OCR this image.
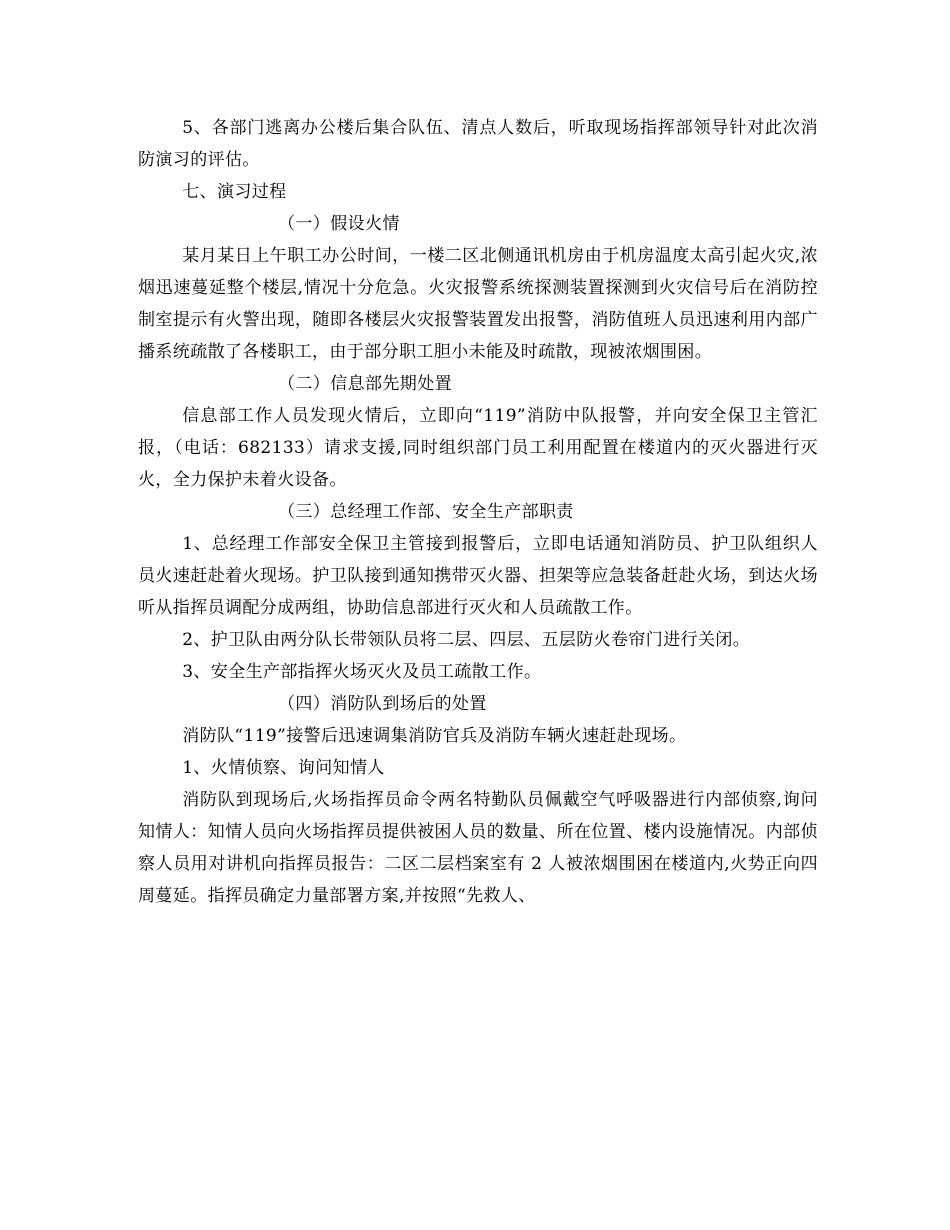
5、各部门逃离办公楼后集合队伍、清点人数后，听取现场指挥部领导针对此次消防演习的评估。

七、演习过程

（一）假设火情

某月某日上午职工办公时间，一楼二区北侧通讯机房由于机房温度太高引起火灾,浓烟迅速蔓延整个楼层,情况十分危急。火灾报警系统探测装置探测到火灾信号后在消防控制室提示有火警出现，随即各楼层火灾报警装置发出报警，消防值班人员迅速利用内部广播系统疏散了各楼职工，由于部分职工胆小未能及时疏散，现被浓烟围困。

（二）信息部先期处置

信息部工作人员发现火情后，立即向“119”消防中队报警，并向安全保卫主管汇报，（电话：682133）请求支援,同时组织部门员工利用配置在楼道内的灭火器进行灭火，全力保护未着火设备。

（三）总经理工作部、安全生产部职责

1、总经理工作部安全保卫主管接到报警后，立即电话通知消防员、护卫队组织人员火速赶赴着火现场。护卫队接到通知携带灭火器、担架等应急装备赶赴火场，到达火场听从指挥员调配分成两组，协助信息部进行灭火和人员疏散工作。

2、护卫队由两分队长带领队员将二层、四层、五层防火卷帘门进行关闭。

3、安全生产部指挥火场灭火及员工疏散工作。

（四）消防队到场后的处置

消防队“119”接警后迅速调集消防官兵及消防车辆火速赶赴现场。

1、火情侦察、询问知情人

消防队到现场后,火场指挥员命令两名特勤队员佩戴空气呼吸器进行内部侦察,询问知情人：知情人员向火场指挥员提供被困人员的数量、所在位置、楼内设施情况。内部侦察人员用对讲机向指挥员报告：二区二层档案室有 2 人被浓烟围困在楼道内,火势正向四周蔓延。指挥员确定力量部署方案,并按照“先救人、
